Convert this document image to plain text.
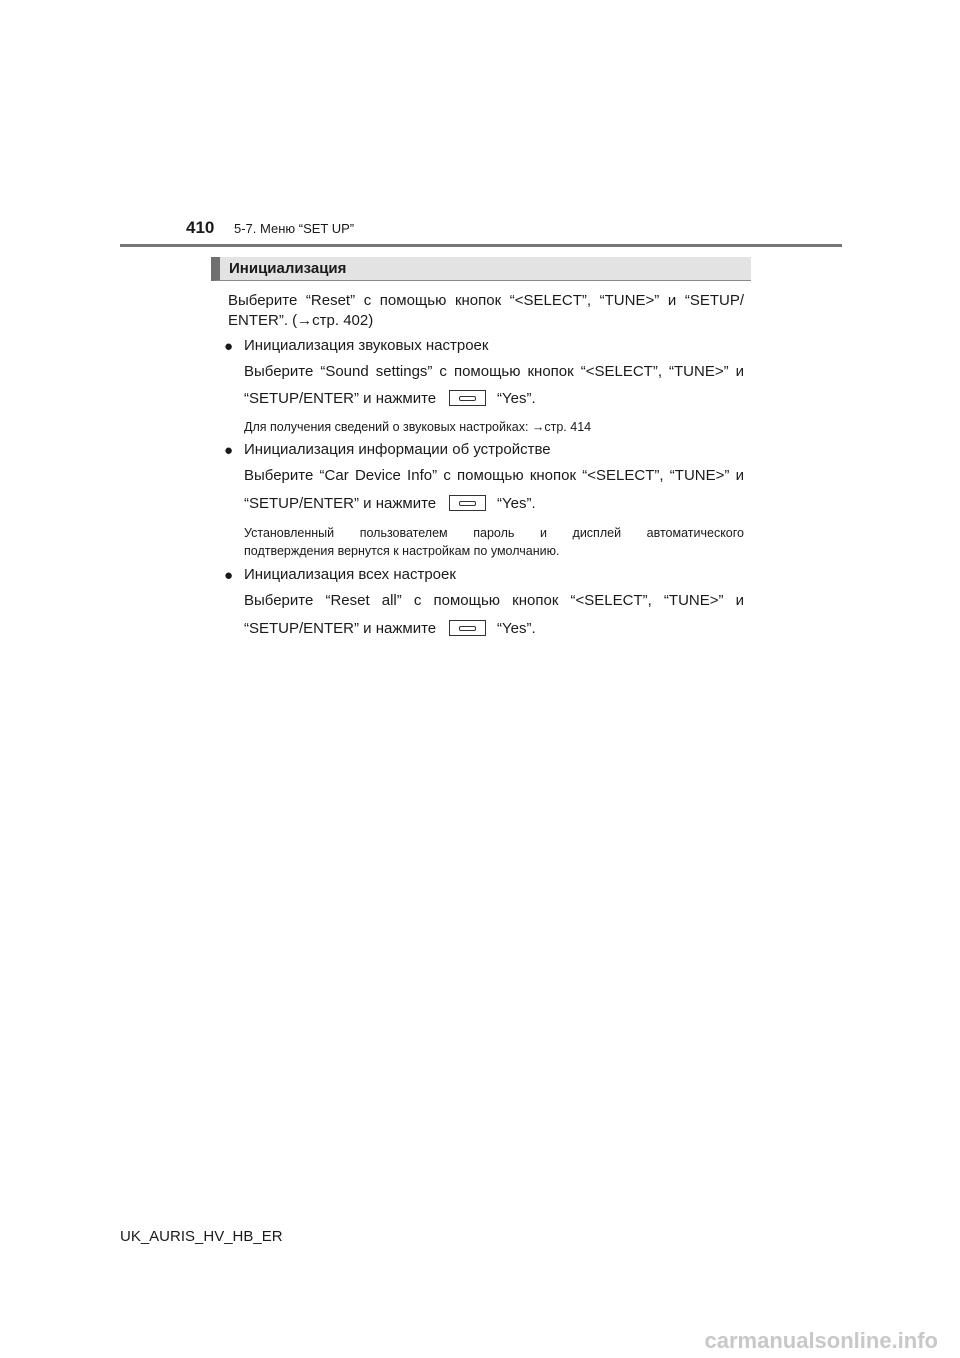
410 5-7. Меню “SET UP”
Инициализация
Выберите “Reset” с помощью кнопок “<SELECT”, “TUNE>” и “SETUP/
ENTER”. (→стр. 402)
● Инициализация звуковых настроек
Выберите “Sound settings” с помощью кнопок “<SELECT”, “TUNE>” и
“SETUP/ENTER” и нажмите	“Yes”.
Для получения сведений о звуковых настройках: →стр. 414
● Инициализация информации об устройстве
Выберите “Car Device Info” с помощью кнопок “<SELECT”, “TUNE>” и
“SETUP/ENTER” и нажмите	“Yes”.
Установленный пользователем пароль и дисплей автоматического
подтверждения вернутся к настройкам по умолчанию.
● Инициализация всех настроек
Выберите “Reset all” с помощью кнопок “<SELECT”, “TUNE>” и
“SETUP/ENTER” и нажмите	“Yes”.
UK_AURIS_HV_HB_ER
carmanualsonline.info
